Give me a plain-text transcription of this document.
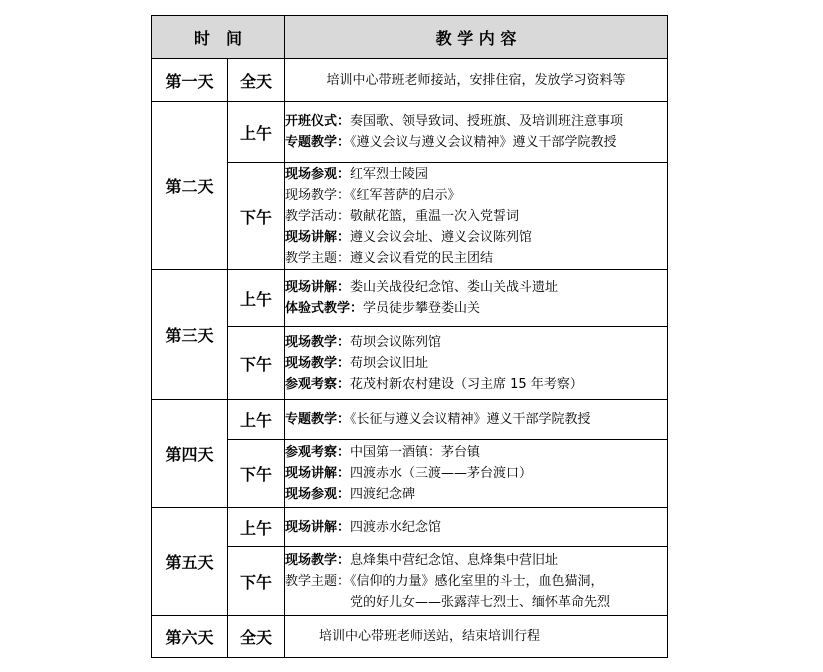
时　间		教 学 内 容
第一天	全天	培训中心带班老师接站，安排住宿，发放学习资料等

第二天	上午	开班仪式：奏国歌、领导致词、授班旗、及培训班注意事项
专题教学：《遵义会议与遵义会议精神》遵义干部学院教授

	下午	现场参观：红军烈士陵园
现场教学：《红军菩萨的启示》
教学活动：敬献花篮，重温一次入党誓词
现场讲解：遵义会议会址、遵义会议陈列馆
教学主题：遵义会议看党的民主团结

第三天	上午	现场讲解：娄山关战役纪念馆、娄山关战斗遗址
体验式教学：学员徒步攀登娄山关

	下午	现场教学：苟坝会议陈列馆
现场教学：苟坝会议旧址
参观考察：花茂村新农村建设（习主席 15 年考察）

第四天	上午	专题教学：《长征与遵义会议精神》遵义干部学院教授

	下午	参观考察：中国第一酒镇：茅台镇
现场讲解：四渡赤水（三渡——茅台渡口）
现场参观：四渡纪念碑

第五天	上午	现场讲解：四渡赤水纪念馆

	下午	现场教学：息烽集中营纪念馆、息烽集中营旧址
教学主题：《信仰的力量》感化室里的斗士，血色猫洞，
党的好儿女——张露萍七烈士、缅怀革命先烈

第六天	全天	培训中心带班老师送站，结束培训行程
